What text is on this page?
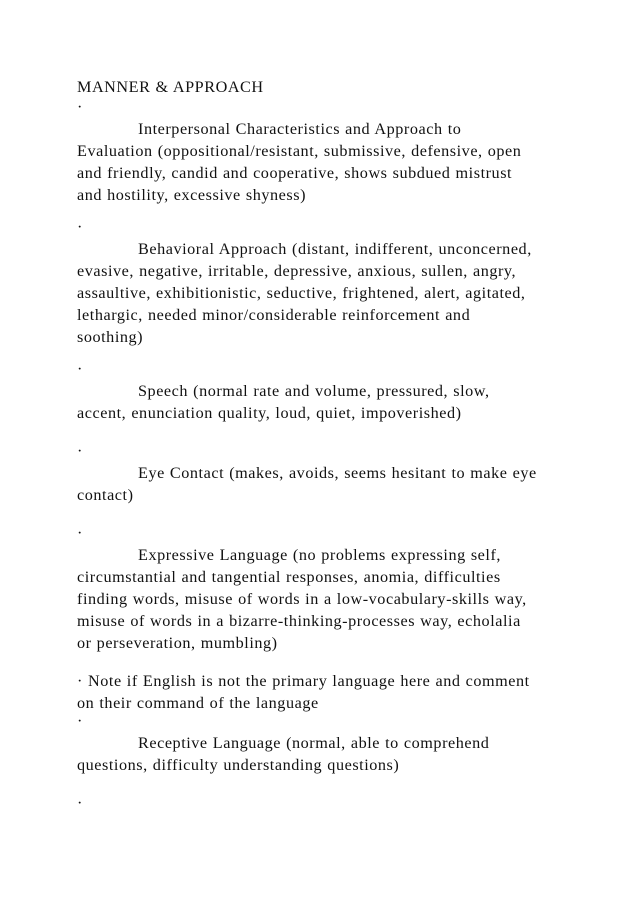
MANNER & APPROACH
·
Interpersonal Characteristics and Approach to
Evaluation (oppositional/resistant, submissive, defensive, open
and friendly, candid and cooperative, shows subdued mistrust
and hostility, excessive shyness)
·
Behavioral Approach (distant, indifferent, unconcerned,
evasive, negative, irritable, depressive, anxious, sullen, angry,
assaultive, exhibitionistic, seductive, frightened, alert, agitated,
lethargic, needed minor/considerable reinforcement and
soothing)
·
Speech (normal rate and volume, pressured, slow,
accent, enunciation quality, loud, quiet, impoverished)
·
Eye Contact (makes, avoids, seems hesitant to make eye
contact)
·
Expressive Language (no problems expressing self,
circumstantial and tangential responses, anomia, difficulties
finding words, misuse of words in a low-vocabulary-skills way,
misuse of words in a bizarre-thinking-processes way, echolalia
or perseveration, mumbling)
· Note if English is not the primary language here and comment
on their command of the language
·
Receptive Language (normal, able to comprehend
questions, difficulty understanding questions)
·
